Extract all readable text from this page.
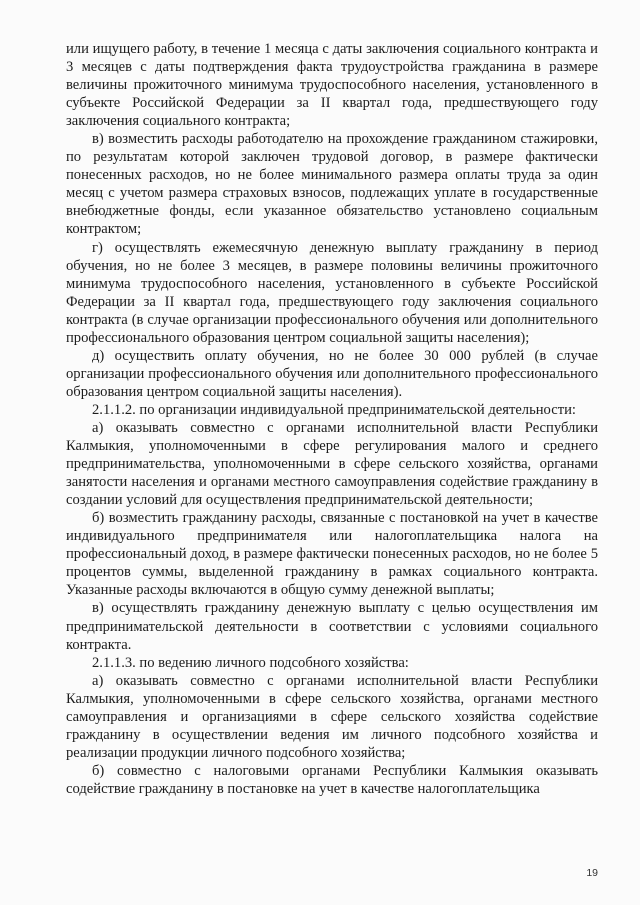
или ищущего работу, в течение 1 месяца с даты заключения социального контракта и 3 месяцев с даты подтверждения факта трудоустройства гражданина в размере величины прожиточного минимума трудоспособного населения, установленного в субъекте Российской Федерации за II квартал года, предшествующего году заключения социального контракта;

в) возместить расходы работодателю на прохождение гражданином стажировки, по результатам которой заключен трудовой договор, в размере фактически понесенных расходов, но не более минимального размера оплаты труда за один месяц с учетом размера страховых взносов, подлежащих уплате в государственные внебюджетные фонды, если указанное обязательство установлено социальным контрактом;

г) осуществлять ежемесячную денежную выплату гражданину в период обучения, но не более 3 месяцев, в размере половины величины прожиточного минимума трудоспособного населения, установленного в субъекте Российской Федерации за II квартал года, предшествующего году заключения социального контракта (в случае организации профессионального обучения или дополнительного профессионального образования центром социальной защиты населения);

д) осуществить оплату обучения, но не более 30 000 рублей (в случае организации профессионального обучения или дополнительного профессионального образования центром социальной защиты населения).

2.1.1.2. по организации индивидуальной предпринимательской деятельности:

а) оказывать совместно с органами исполнительной власти Республики Калмыкия, уполномоченными в сфере регулирования малого и среднего предпринимательства, уполномоченными в сфере сельского хозяйства, органами занятости населения и органами местного самоуправления содействие гражданину в создании условий для осуществления предпринимательской деятельности;

б) возместить гражданину расходы, связанные с постановкой на учет в качестве индивидуального предпринимателя или налогоплательщика налога на профессиональный доход, в размере фактически понесенных расходов, но не более 5 процентов суммы, выделенной гражданину в рамках социального контракта. Указанные расходы включаются в общую сумму денежной выплаты;

в) осуществлять гражданину денежную выплату с целью осуществления им предпринимательской деятельности в соответствии с условиями социального контракта.

2.1.1.3. по ведению личного подсобного хозяйства:

а) оказывать совместно с органами исполнительной власти Республики Калмыкия, уполномоченными в сфере сельского хозяйства, органами местного самоуправления и организациями в сфере сельского хозяйства содействие гражданину в осуществлении ведения им личного подсобного хозяйства и реализации продукции личного подсобного хозяйства;

б) совместно с налоговыми органами Республики Калмыкия оказывать содействие гражданину в постановке на учет в качестве налогоплательщика

19
